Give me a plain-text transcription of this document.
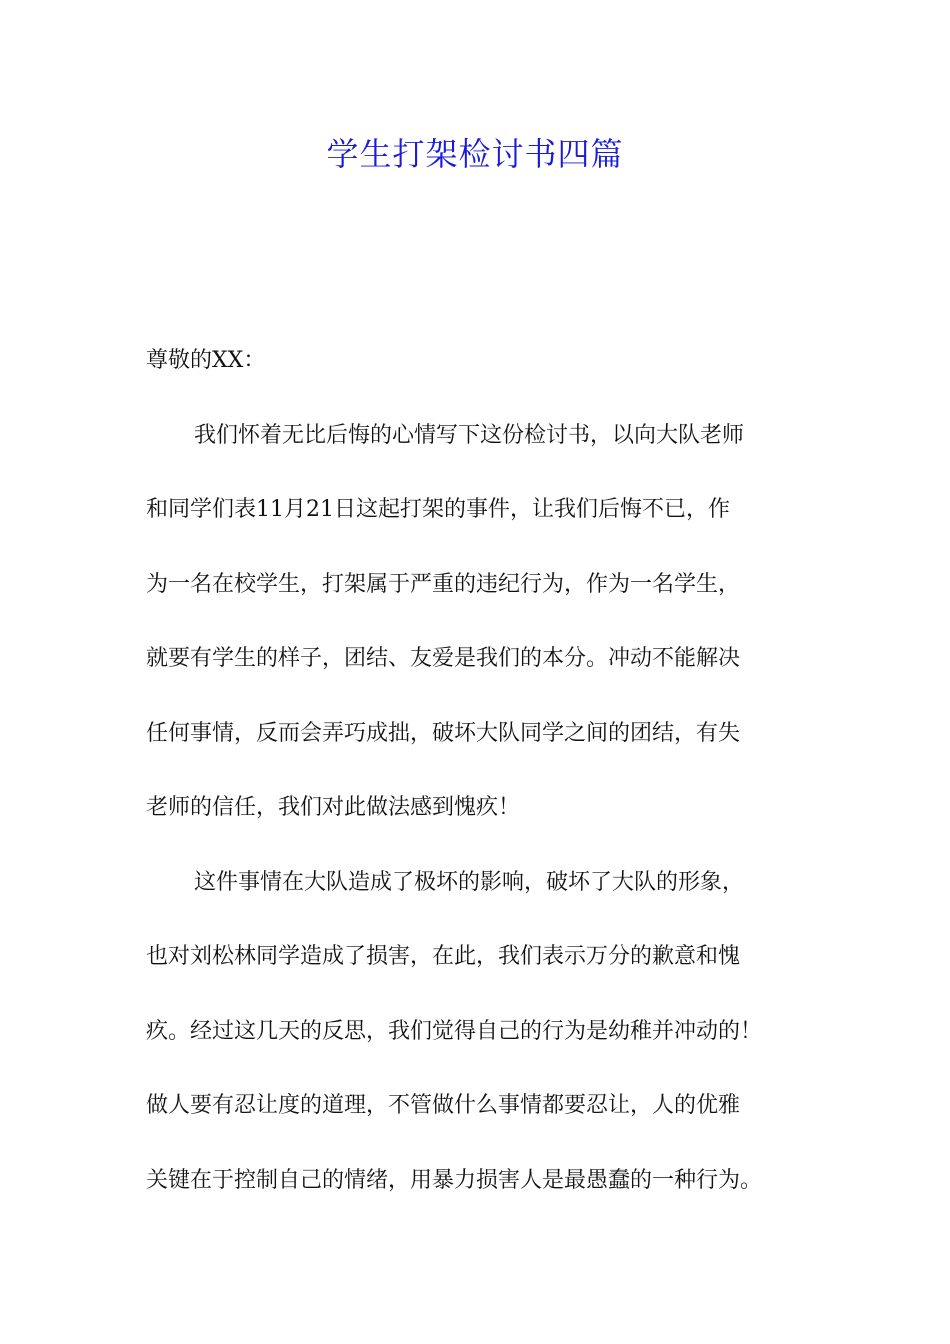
学生打架检讨书四篇
尊敬的XX：
我们怀着无比后悔的心情写下这份检讨书，以向大队老师
和同学们表11月21日这起打架的事件，让我们后悔不已，作
为一名在校学生，打架属于严重的违纪行为，作为一名学生，
就要有学生的样子，团结、友爱是我们的本分。冲动不能解决
任何事情，反而会弄巧成拙，破坏大队同学之间的团结，有失
老师的信任，我们对此做法感到愧疚！
这件事情在大队造成了极坏的影响，破坏了大队的形象，
也对刘松林同学造成了损害，在此，我们表示万分的歉意和愧
疚。经过这几天的反思，我们觉得自己的行为是幼稚并冲动的！
做人要有忍让度的道理，不管做什么事情都要忍让，人的优雅
关键在于控制自己的情绪，用暴力损害人是最愚蠢的一种行为。
